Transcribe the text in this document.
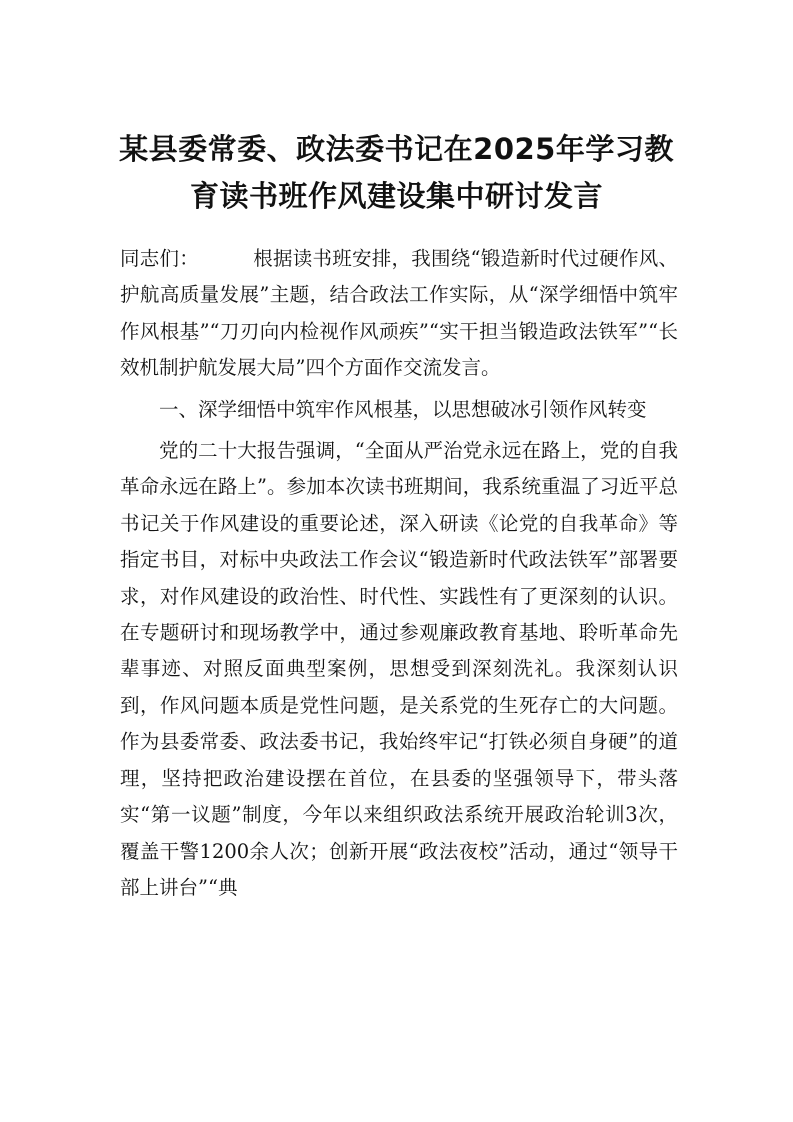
某县委常委、政法委书记在2025年学习教
育读书班作风建设集中研讨发言

同志们：	根据读书班安排，我围绕“锻造新时代过硬作风、护航高质量发展”主题，结合政法工作实际，从“深学细悟中筑牢作风根基”“刀刃向内检视作风顽疾”“实干担当锻造政法铁军”“长效机制护航发展大局”四个方面作交流发言。

一、深学细悟中筑牢作风根基，以思想破冰引领作风转变

党的二十大报告强调，“全面从严治党永远在路上，党的自我革命永远在路上”。参加本次读书班期间，我系统重温了习近平总书记关于作风建设的重要论述，深入研读《论党的自我革命》等指定书目，对标中央政法工作会议“锻造新时代政法铁军”部署要求，对作风建设的政治性、时代性、实践性有了更深刻的认识。在专题研讨和现场教学中，通过参观廉政教育基地、聆听革命先辈事迹、对照反面典型案例，思想受到深刻洗礼。我深刻认识到，作风问题本质是党性问题，是关系党的生死存亡的大问题。作为县委常委、政法委书记，我始终牢记“打铁必须自身硬”的道理，坚持把政治建设摆在首位，在县委的坚强领导下，带头落实“第一议题”制度，今年以来组织政法系统开展政治轮训3次，覆盖干警1200余人次；创新开展“政法夜校”活动，通过“领导干部上讲台”“典
